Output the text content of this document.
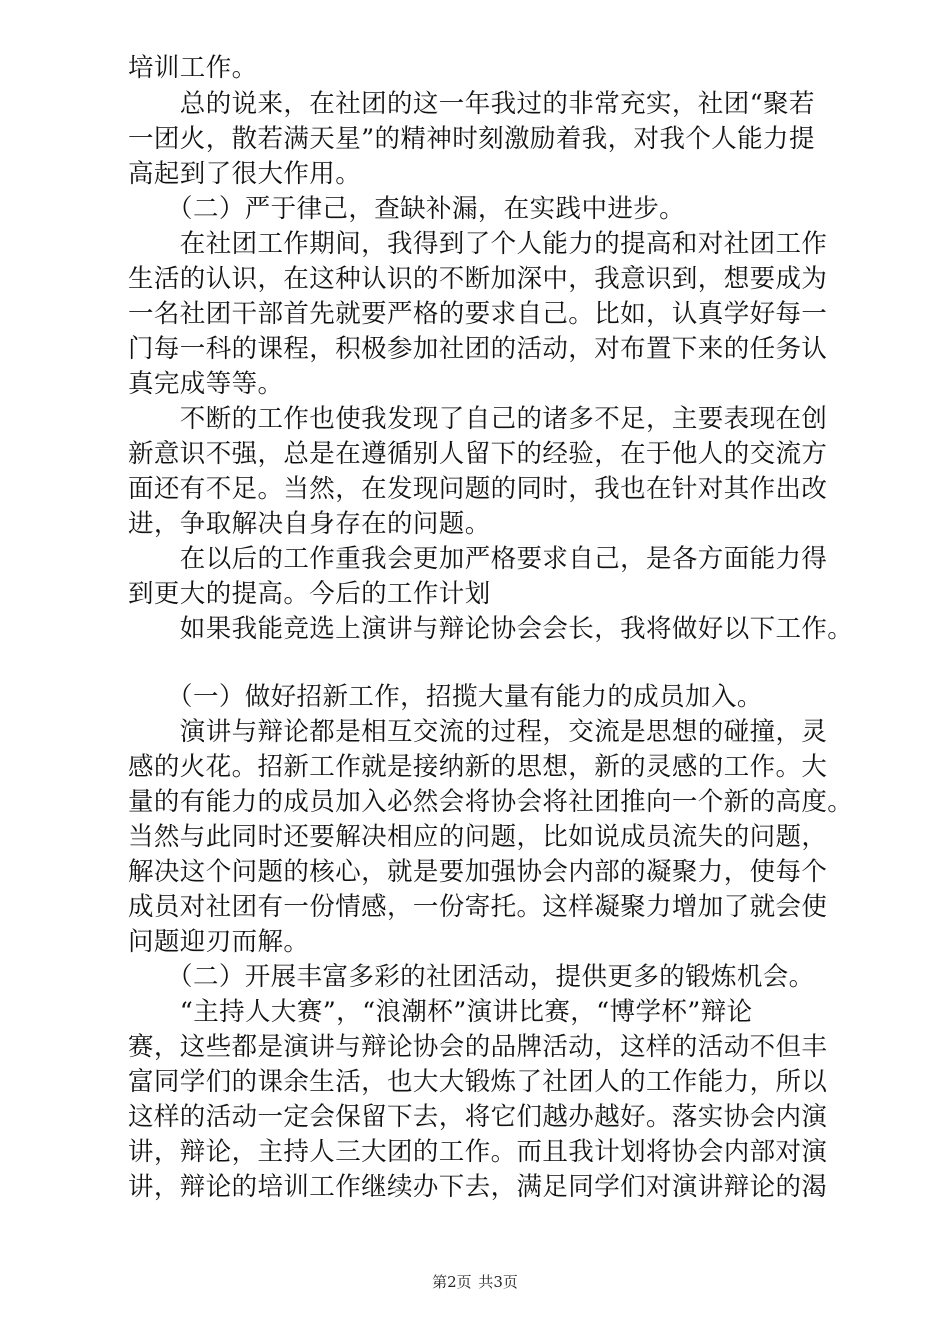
培训工作。
　　总的说来，在社团的这一年我过的非常充实，社团“聚若
一团火，散若满天星”的精神时刻激励着我，对我个人能力提
高起到了很大作用。
　　（二）严于律己，查缺补漏，在实践中进步。
　　在社团工作期间，我得到了个人能力的提高和对社团工作
生活的认识，在这种认识的不断加深中，我意识到，想要成为
一名社团干部首先就要严格的要求自己。比如，认真学好每一
门每一科的课程，积极参加社团的活动，对布置下来的任务认
真完成等等。
　　不断的工作也使我发现了自己的诸多不足，主要表现在创
新意识不强，总是在遵循别人留下的经验，在于他人的交流方
面还有不足。当然，在发现问题的同时，我也在针对其作出改
进，争取解决自身存在的问题。
　　在以后的工作重我会更加严格要求自己，是各方面能力得
到更大的提高。今后的工作计划
　　如果我能竞选上演讲与辩论协会会长，我将做好以下工作。
　　（一）做好招新工作，招揽大量有能力的成员加入。
　　演讲与辩论都是相互交流的过程，交流是思想的碰撞，灵
感的火花。招新工作就是接纳新的思想，新的灵感的工作。大
量的有能力的成员加入必然会将协会将社团推向一个新的高度。
当然与此同时还要解决相应的问题，比如说成员流失的问题，
解决这个问题的核心，就是要加强协会内部的凝聚力，使每个
成员对社团有一份情感，一份寄托。这样凝聚力增加了就会使
问题迎刃而解。
　　（二）开展丰富多彩的社团活动，提供更多的锻炼机会。
　　“主持人大赛”，“浪潮杯”演讲比赛，“博学杯”辩论
赛，这些都是演讲与辩论协会的品牌活动，这样的活动不但丰
富同学们的课余生活，也大大锻炼了社团人的工作能力，所以
这样的活动一定会保留下去，将它们越办越好。落实协会内演
讲，辩论，主持人三大团的工作。而且我计划将协会内部对演
讲，辩论的培训工作继续办下去，满足同学们对演讲辩论的渴
第2页 共3页
